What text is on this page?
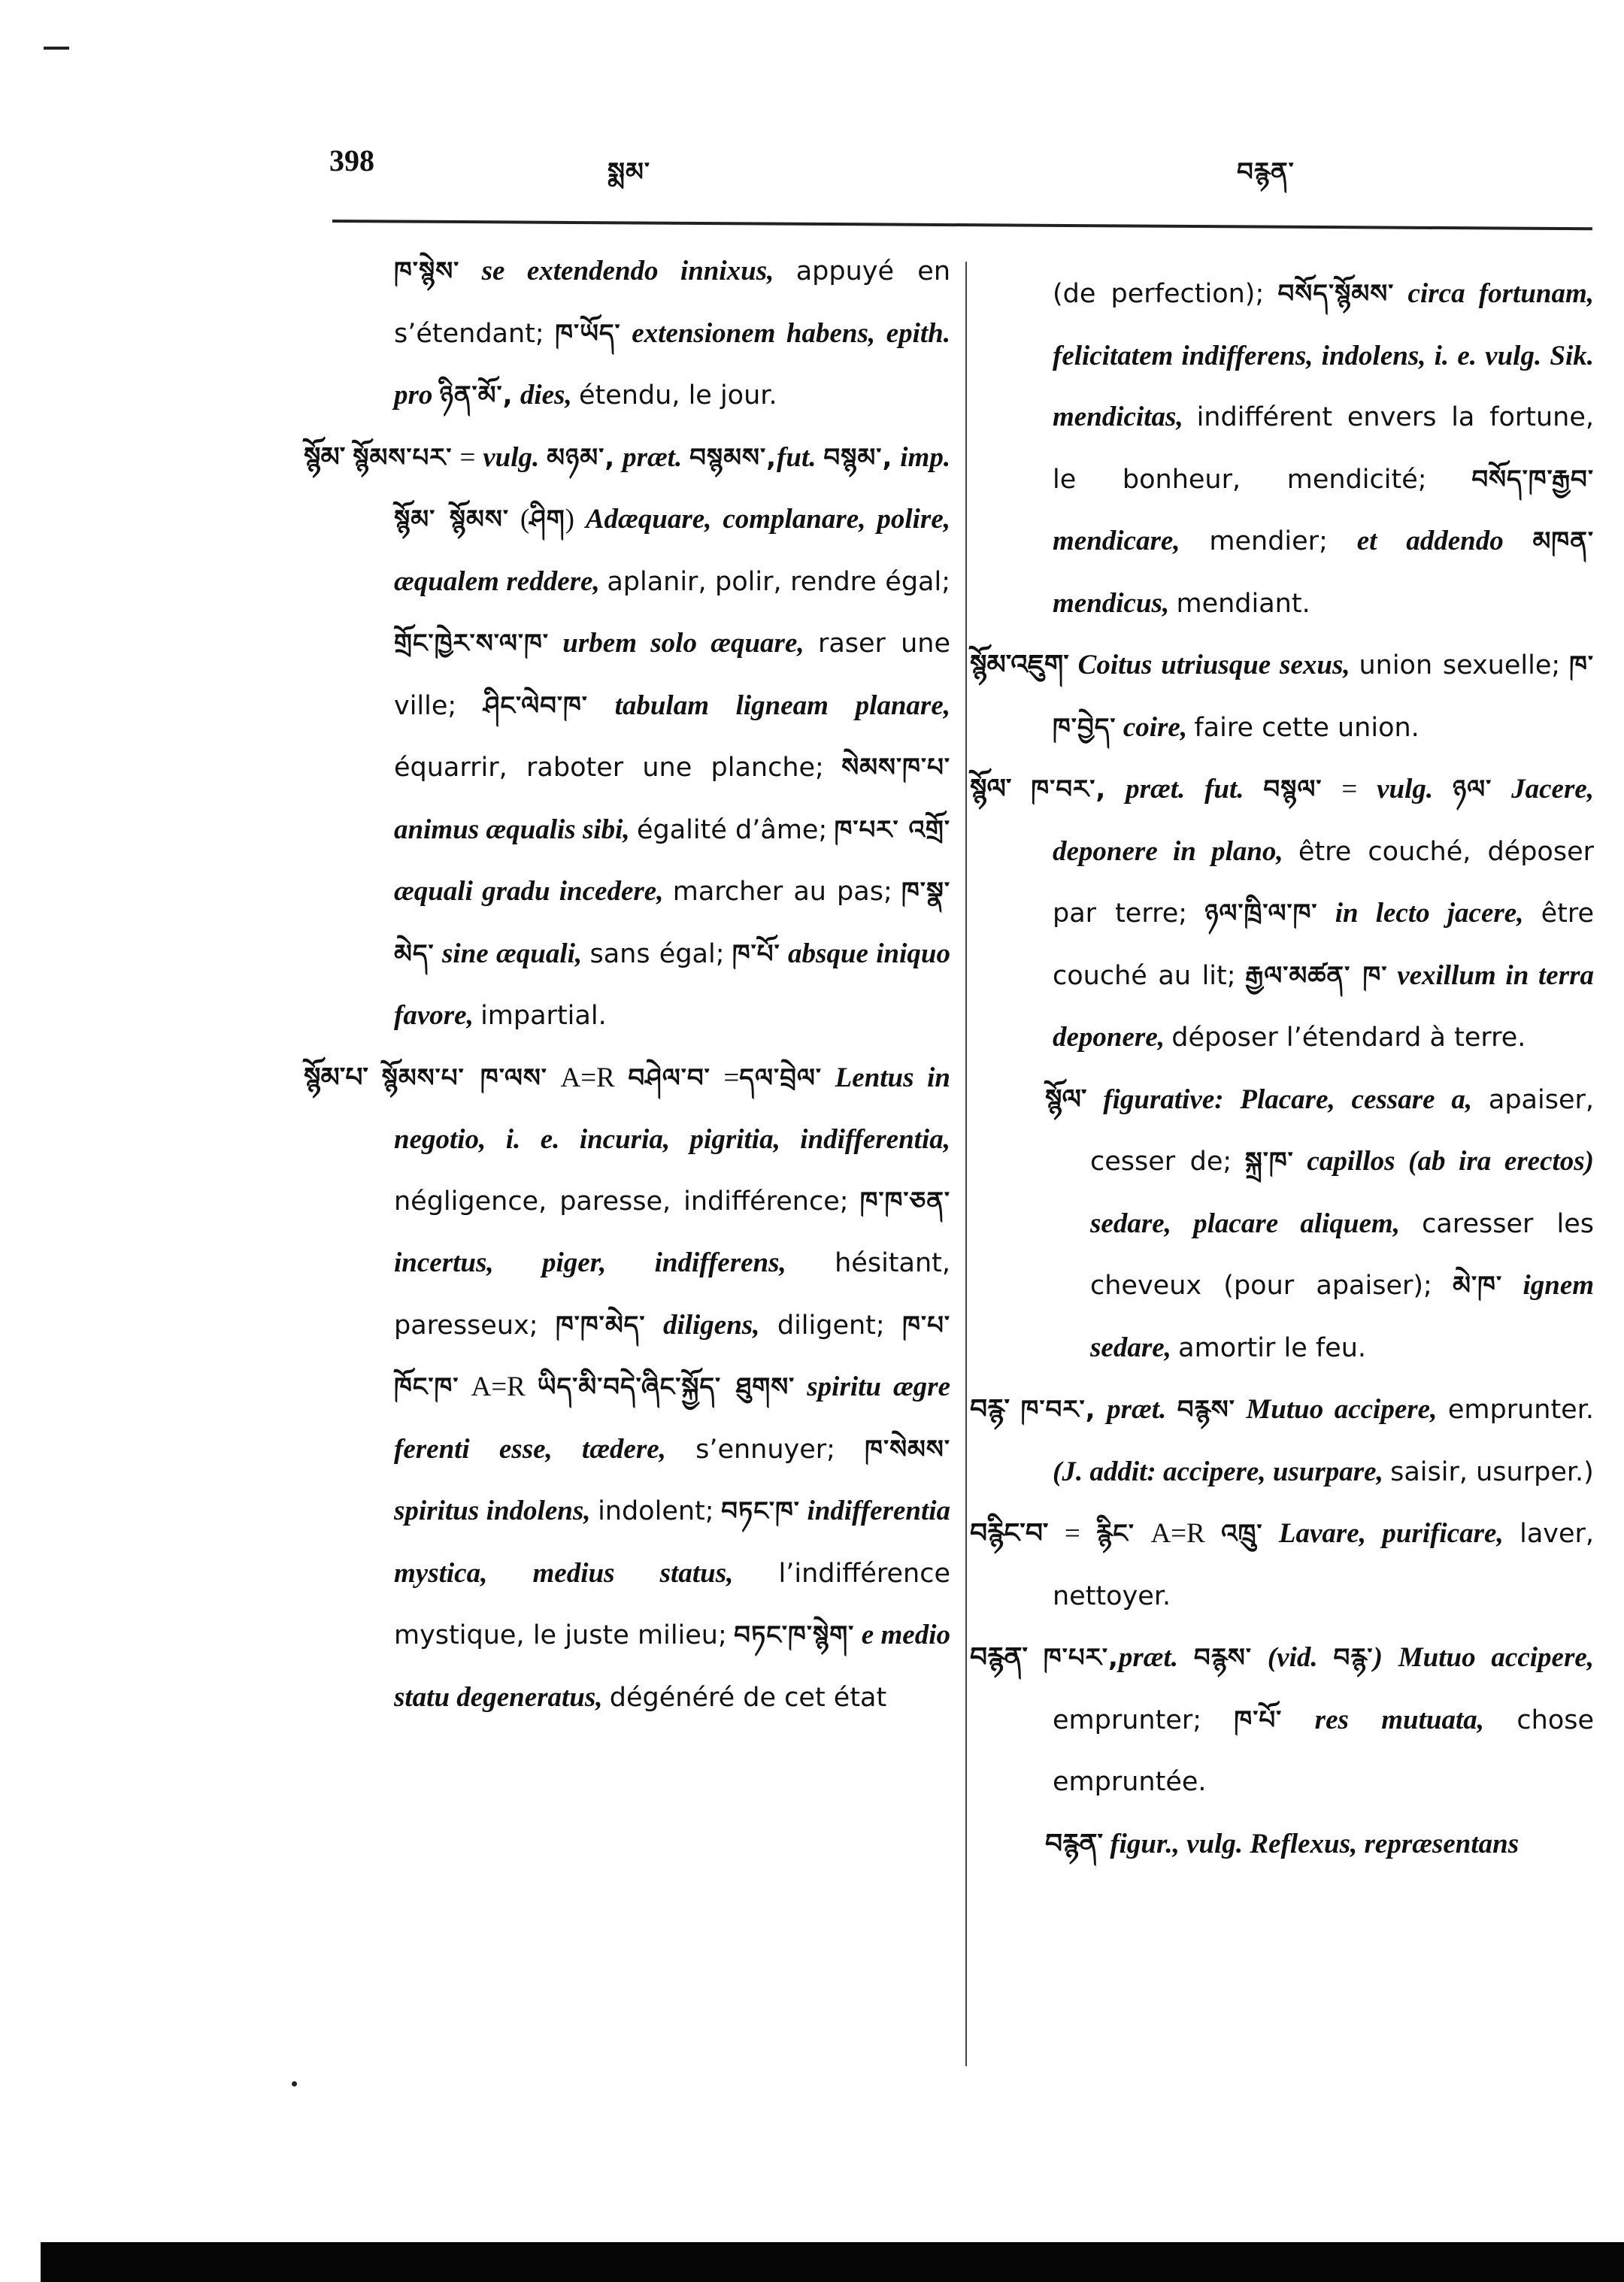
398	སྨམ་	བརྙན་

ཁ་སྙེས་ se extendendo innixus, appuyé en s’étendant; ཁ་ཡོད་ extensionem habens, epith. pro ཉིན་མོ་, dies, étendu, le jour.

སྙོམ་ སྙོམས་པར་ = vulg. མཉམ་, præt. བསྙམས་,fut. བསྙམ་, imp. སྙོམ་ སྙོམས་ (ཤིག) Adæquare, complanare, polire, æqualem reddere, aplanir, polir, rendre égal; གྲོང་ཁྱེར་ས་ལ་ཁ་ urbem solo æquare, raser une ville; ཤིང་ལེབ་ཁ་ tabulam ligneam planare, équarrir, raboter une planche; སེམས་ཁ་པ་ animus æqualis sibi, égalité d’âme; ཁ་པར་ འགྲོ་ æquali gradu incedere, marcher au pas; ཁ་སྣ་མེད་ sine æquali, sans égal; ཁ་པོ་ absque iniquo favore, impartial.

སྙོམ་པ་ སྙོམས་པ་ ཁ་ལས་ A=R བཤེལ་བ་ =དལ་བྲེལ་ Lentus in negotio, i. e. incuria, pigritia, indifferentia, négligence, paresse, indifférence; ཁ་ཁ་ཅན་ incertus, piger, indifferens, hésitant, paresseux; ཁ་ཁ་མེད་ diligens, diligent; ཁ་པ་ ཁོང་ཁ་ A=R ཡིད་མི་བདེ་ཞིང་སྐྱོད་ ཐུགས་ spiritu ægre ferenti esse, tædere, s’ennuyer; ཁ་སེམས་ spiritus indolens, indolent; བཏང་ཁ་ indifferentia mystica, medius status, l’indifférence mystique, le juste milieu; བཏང་ཁ་སྙེག་ e medio statu degeneratus, dégénéré de cet état

(de perfection); བསོད་སྙོམས་ circa fortunam, felicitatem indifferens, indolens, i. e. vulg. Sik. mendicitas, indifférent envers la fortune, le bonheur, mendicité; བསོད་ཁ་རྒྱབ་ mendicare, mendier; et addendo མཁན་ mendicus, mendiant.

སྙོམ་འཇུག་ Coitus utriusque sexus, union sexuelle; ཁ་ཁ་བྱེད་ coire, faire cette union.

སྙོལ་ ཁ་བར་, præt. fut. བསྙལ་ = vulg. ཉལ་ Jacere, deponere in plano, être couché, déposer par terre; ཉལ་ཁྲི་ལ་ཁ་ in lecto jacere, être couché au lit; རྒྱལ་མཚན་ ཁ་ vexillum in terra deponere, déposer l’étendard à terre.

སྙོལ་ figurative: Placare, cessare a, apaiser, cesser de; སྐྲ་ཁ་ capillos (ab ira erectos) sedare, placare aliquem, caresser les cheveux (pour apaiser); མེ་ཁ་ ignem sedare, amortir le feu.

བརྙ་ ཁ་བར་, præt. བརྙས་ Mutuo accipere, emprunter. (J. addit: accipere, usurpare, saisir, usurper.)

བརྙིང་བ་ = རྙིང་ A=R འཁྲུ་ Lavare, purificare, laver, nettoyer.

བརྙན་ ཁ་པར་,præt. བརྙས་ (vid. བརྙ་) Mutuo accipere, emprunter; ཁ་པོ་ res mutuata, chose empruntée.

བརྙན་ figur., vulg. Reflexus, repræsentans
